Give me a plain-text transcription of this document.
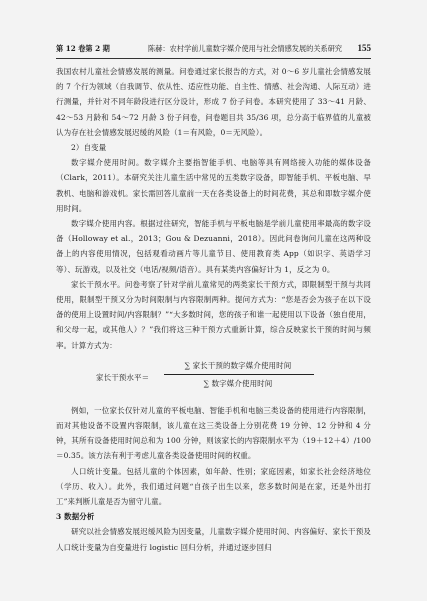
第 12 卷第 2 期	陈赫：农村学前儿童数字媒介使用与社会情感发展的关系研究 155

我国农村儿童社会情感发展的测量。问卷通过家长报告的方式，对 0～6 岁儿童社会情感发展的 7 个行为领域（自我调节、依从性、适应性功能、自主性、情感、社会沟通、人际互动）进行测量，并针对不同年龄段进行区分设计，形成 7 份子问卷。本研究使用了 33～41 月龄、42～53 月龄和 54～72 月龄 3 份子问卷，问卷题目共 35/36 项，总分高于临界值的儿童被认为存在社会情感发展迟缓的风险（1＝有风险，0＝无风险）。

2）自变量

数字媒介使用时间。数字媒介主要指智能手机、电脑等具有网络接入功能的媒体设备（Clark，2011）。本研究关注儿童生活中常见的五类数字设备，即智能手机、平板电脑、早教机、电脑和游戏机。家长需回答儿童前一天在各类设备上的时间花费，其总和即数字媒介使用时间。

数字媒介使用内容。根据过往研究，智能手机与平板电脑是学前儿童使用率最高的数字设备（Holloway et al.，2013；Gou & Dezuanni，2018）。因此问卷询问儿童在这两种设备上的内容使用情况，包括观看动画片等儿童节目、使用教育类 App（如识字、英语学习等）、玩游戏，以及社交（电话/视频/语音）。具有某类内容偏好计为 1，反之为 0。

家长干预水平。问卷考察了针对学前儿童常见的两类家长干预方式，即限制型干预与共同使用，限制型干预又分为时间限制与内容限制两种。提问方式为：“您是否会为孩子在以下设备的使用上设置时间/内容限制？”“大多数时间，您的孩子和谁一起使用以下设备（独自使用，和父母一起，或其他人）？”我们将这三种干预方式重新计算，综合反映家长干预的时间与频率。计算方式为：

家长干预水平＝
∑ 家长干预的数字媒介使用时间
∑ 数字媒介使用时间

例如，一位家长仅针对儿童的平板电脑、智能手机和电脑三类设备的使用进行内容限制，而对其他设备不设置内容限制，该儿童在这三类设备上分别花费 19 分钟、12 分钟和 4 分钟，其所有设备使用时间总和为 100 分钟，则该家长的内容限制水平为（19＋12＋4）/100＝0.35。该方法有利于考虑儿童各类设备使用时间的权重。

人口统计变量。包括儿童的个体因素，如年龄、性别；家庭因素，如家长社会经济地位（学历、收入）。此外，我们通过问题“自孩子出生以来，您多数时间是在家，还是外出打工”来判断儿童是否为留守儿童。

3 数据分析

研究以社会情感发展迟缓风险为因变量，儿童数字媒介使用时间、内容偏好、家长干预及人口统计变量为自变量进行 logistic 回归分析，并通过逐步回归
